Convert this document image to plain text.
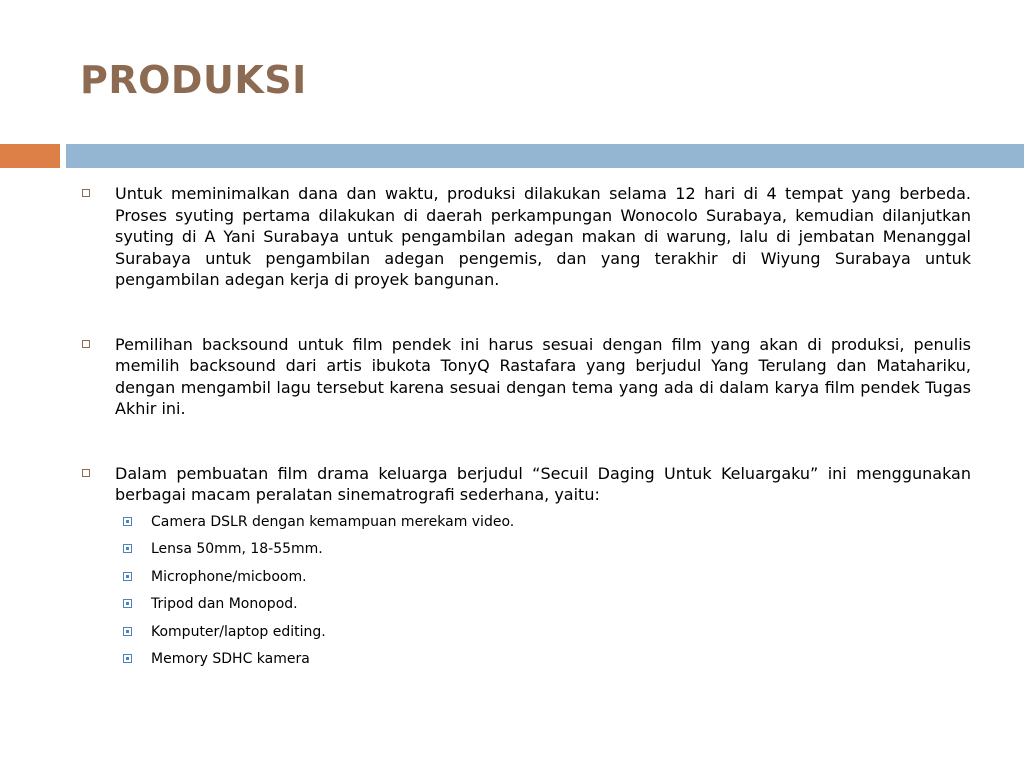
PRODUKSI
Untuk meminimalkan dana dan waktu, produksi dilakukan selama 12 hari di 4 tempat yang berbeda. Proses syuting pertama dilakukan di daerah perkampungan Wonocolo Surabaya, kemudian dilanjutkan syuting di A Yani Surabaya untuk pengambilan adegan makan di warung, lalu di jembatan Menanggal Surabaya untuk pengambilan adegan pengemis, dan yang terakhir di Wiyung Surabaya untuk pengambilan adegan kerja di proyek bangunan.
Pemilihan backsound untuk film pendek ini harus sesuai dengan film yang akan di produksi, penulis memilih backsound dari artis ibukota TonyQ Rastafara yang berjudul Yang Terulang dan Matahariku, dengan mengambil lagu tersebut karena sesuai dengan tema yang ada di dalam karya film pendek Tugas Akhir ini.
Dalam pembuatan film drama keluarga berjudul “Secuil Daging Untuk Keluargaku” ini menggunakan berbagai macam peralatan sinematrografi sederhana, yaitu:
Camera DSLR dengan kemampuan merekam video.
Lensa 50mm, 18-55mm.
Microphone/micboom.
Tripod dan Monopod.
Komputer/laptop editing.
Memory SDHC kamera
